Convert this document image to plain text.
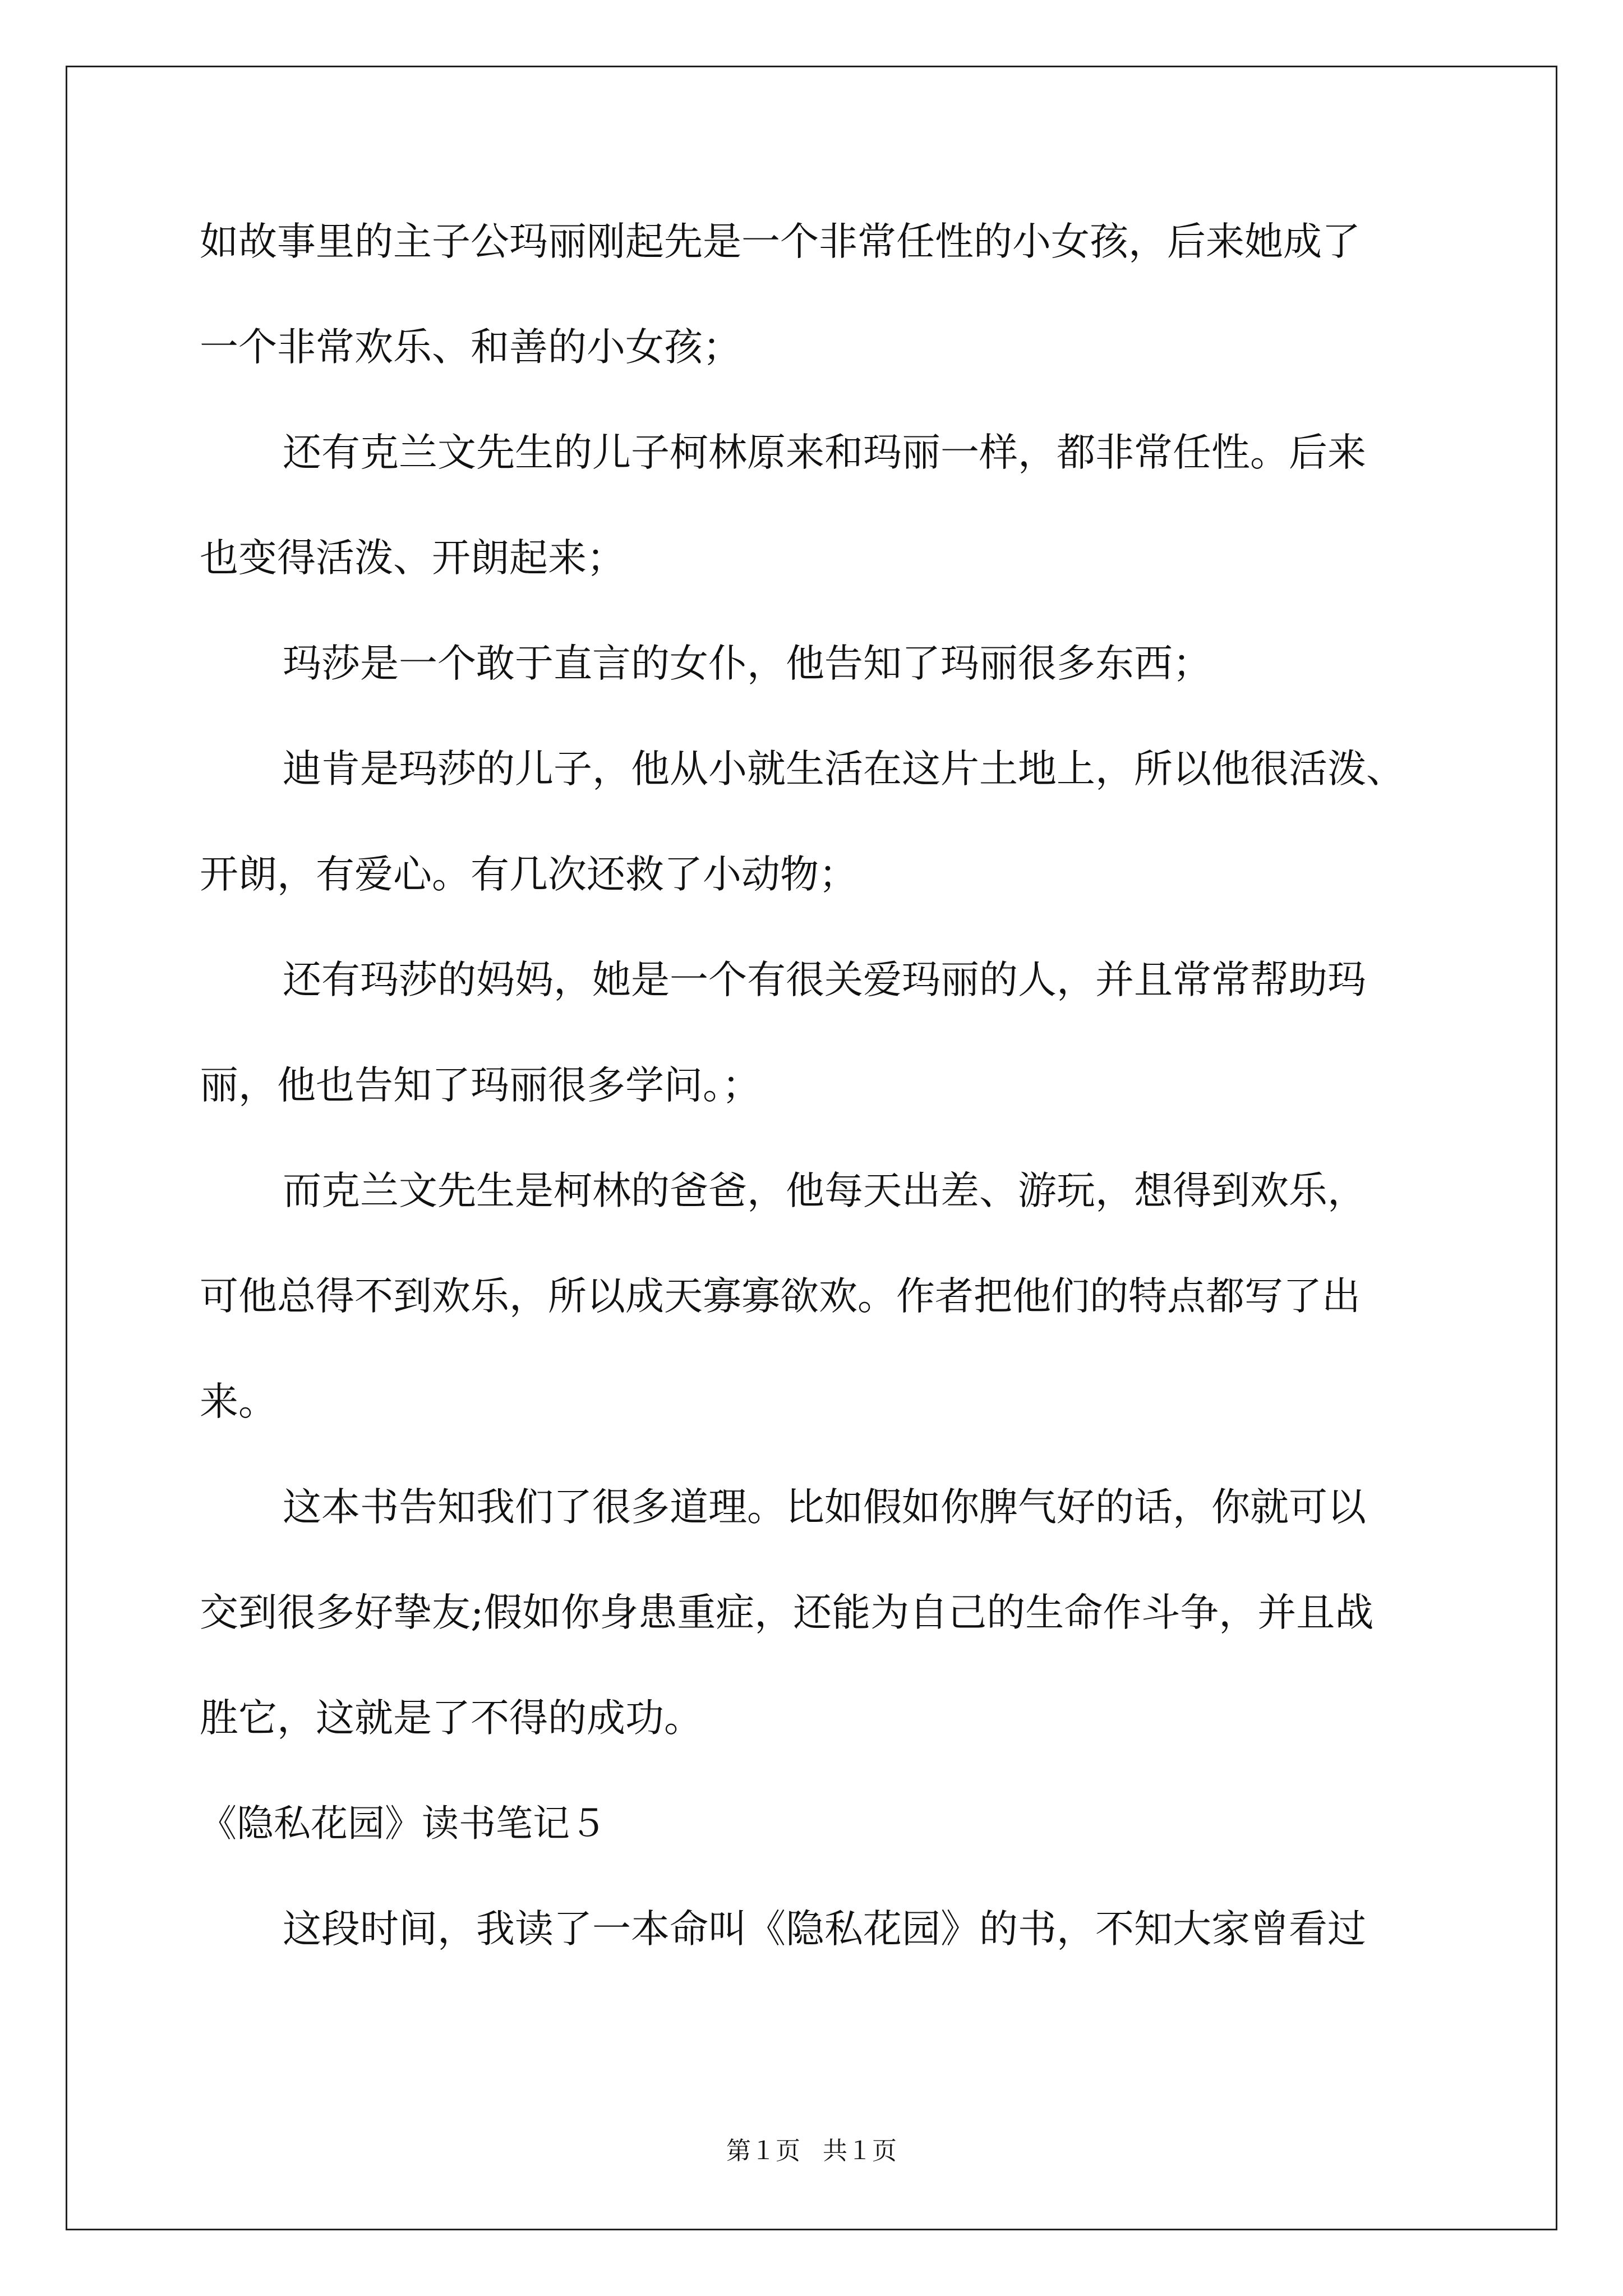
如故事里的主子公玛丽刚起先是一个非常任性的小女孩，后来她成了
一个非常欢乐、和善的小女孩；
还有克兰文先生的儿子柯林原来和玛丽一样，都非常任性。后来
也变得活泼、开朗起来；
玛莎是一个敢于直言的女仆，他告知了玛丽很多东西；
迪肯是玛莎的儿子，他从小就生活在这片土地上，所以他很活泼、
开朗，有爱心。有几次还救了小动物；
还有玛莎的妈妈，她是一个有很关爱玛丽的人，并且常常帮助玛
丽，他也告知了玛丽很多学问。；
而克兰文先生是柯林的爸爸，他每天出差、游玩，想得到欢乐，
可他总得不到欢乐，所以成天寡寡欲欢。作者把他们的特点都写了出
来。
这本书告知我们了很多道理。比如假如你脾气好的话，你就可以
交到很多好挚友;假如你身患重症，还能为自己的生命作斗争，并且战
胜它，这就是了不得的成功。
《隐私花园》读书笔记５
这段时间，我读了一本命叫《隐私花园》的书，不知大家曾看过
第１页 共１页
